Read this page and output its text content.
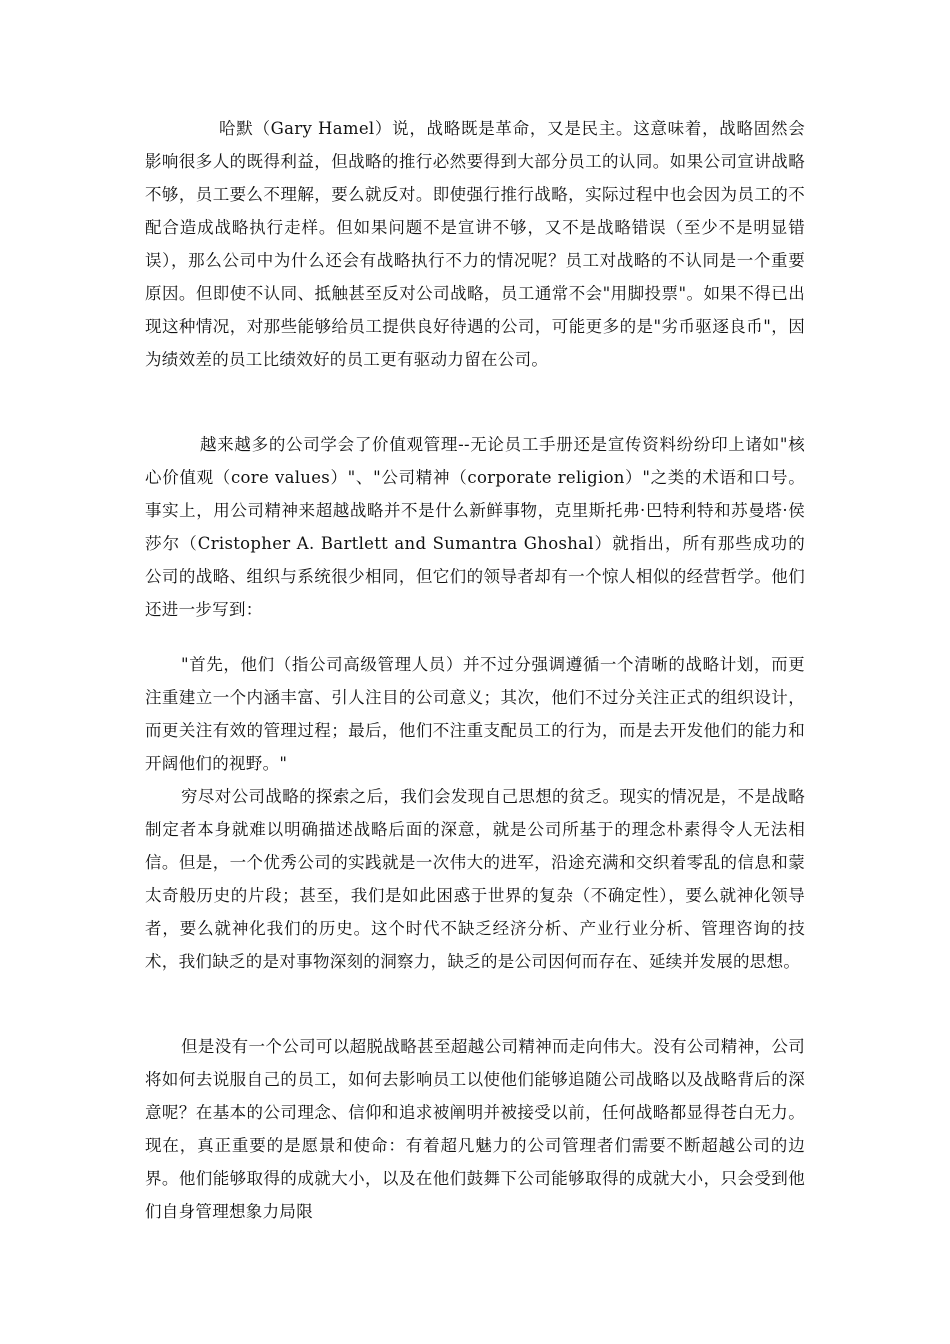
哈默（Gary Hamel）说，战略既是革命，又是民主。这意味着，战略固然会影响很多人的既得利益，但战略的推行必然要得到大部分员工的认同。如果公司宣讲战略不够，员工要么不理解，要么就反对。即使强行推行战略，实际过程中也会因为员工的不配合造成战略执行走样。但如果问题不是宣讲不够，又不是战略错误（至少不是明显错误），那么公司中为什么还会有战略执行不力的情况呢？员工对战略的不认同是一个重要原因。但即使不认同、抵触甚至反对公司战略，员工通常不会"用脚投票"。如果不得已出现这种情况，对那些能够给员工提供良好待遇的公司，可能更多的是"劣币驱逐良币"，因为绩效差的员工比绩效好的员工更有驱动力留在公司。

越来越多的公司学会了价值观管理--无论员工手册还是宣传资料纷纷印上诸如"核心价值观（core values）"、"公司精神（corporate religion）"之类的术语和口号。事实上，用公司精神来超越战略并不是什么新鲜事物，克里斯托弗·巴特利特和苏曼塔·侯莎尔（Cristopher A. Bartlett and Sumantra Ghoshal）就指出，所有那些成功的公司的战略、组织与系统很少相同，但它们的领导者却有一个惊人相似的经营哲学。他们还进一步写到：

"首先，他们（指公司高级管理人员）并不过分强调遵循一个清晰的战略计划，而更注重建立一个内涵丰富、引人注目的公司意义；其次，他们不过分关注正式的组织设计，而更关注有效的管理过程；最后，他们不注重支配员工的行为，而是去开发他们的能力和开阔他们的视野。"

穷尽对公司战略的探索之后，我们会发现自己思想的贫乏。现实的情况是，不是战略制定者本身就难以明确描述战略后面的深意，就是公司所基于的理念朴素得令人无法相信。但是，一个优秀公司的实践就是一次伟大的进军，沿途充满和交织着零乱的信息和蒙太奇般历史的片段；甚至，我们是如此困惑于世界的复杂（不确定性），要么就神化领导者，要么就神化我们的历史。这个时代不缺乏经济分析、产业行业分析、管理咨询的技术，我们缺乏的是对事物深刻的洞察力，缺乏的是公司因何而存在、延续并发展的思想。

但是没有一个公司可以超脱战略甚至超越公司精神而走向伟大。没有公司精神，公司将如何去说服自己的员工，如何去影响员工以使他们能够追随公司战略以及战略背后的深意呢？在基本的公司理念、信仰和追求被阐明并被接受以前，任何战略都显得苍白无力。现在，真正重要的是愿景和使命：有着超凡魅力的公司管理者们需要不断超越公司的边界。他们能够取得的成就大小，以及在他们鼓舞下公司能够取得的成就大小，只会受到他们自身管理想象力局限
